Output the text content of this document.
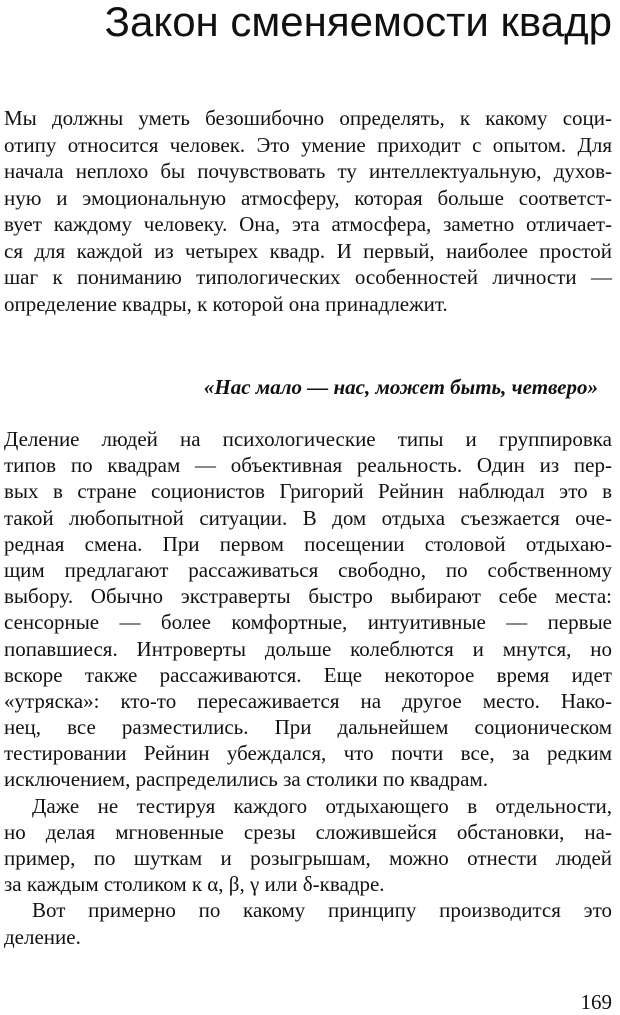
Закон сменяемости квадр
Мы должны уметь безошибочно определять, к какому соци-
отипу относится человек. Это умение приходит с опытом. Для
начала неплохо бы почувствовать ту интеллектуальную, духов-
ную и эмоциональную атмосферу, которая больше соответст-
вует каждому человеку. Она, эта атмосфера, заметно отличает-
ся для каждой из четырех квадр. И первый, наиболее простой
шаг к пониманию типологических особенностей личности —
определение квадры, к которой она принадлежит.
«Нас мало — нас, может быть, четверо»
Деление людей на психологические типы и группировка
типов по квадрам — объективная реальность. Один из пер-
вых в стране соционистов Григорий Рейнин наблюдал это в
такой любопытной ситуации. В дом отдыха съезжается оче-
редная смена. При первом посещении столовой отдыхаю-
щим предлагают рассаживаться свободно, по собственному
выбору. Обычно экстраверты быстро выбирают себе места:
сенсорные — более комфортные, интуитивные — первые
попавшиеся. Интроверты дольше колеблются и мнутся, но
вскоре также рассаживаются. Еще некоторое время идет
«утряска»: кто-то пересаживается на другое место. Нако-
нец, все разместились. При дальнейшем соционическом
тестировании Рейнин убеждался, что почти все, за редким
исключением, распределились за столики по квадрам.
Даже не тестируя каждого отдыхающего в отдельности,
но делая мгновенные срезы сложившейся обстановки, на-
пример, по шуткам и розыгрышам, можно отнести людей
за каждым столиком к α, β, γ или δ-квадре.
Вот примерно по какому принципу производится это
деление.
169
